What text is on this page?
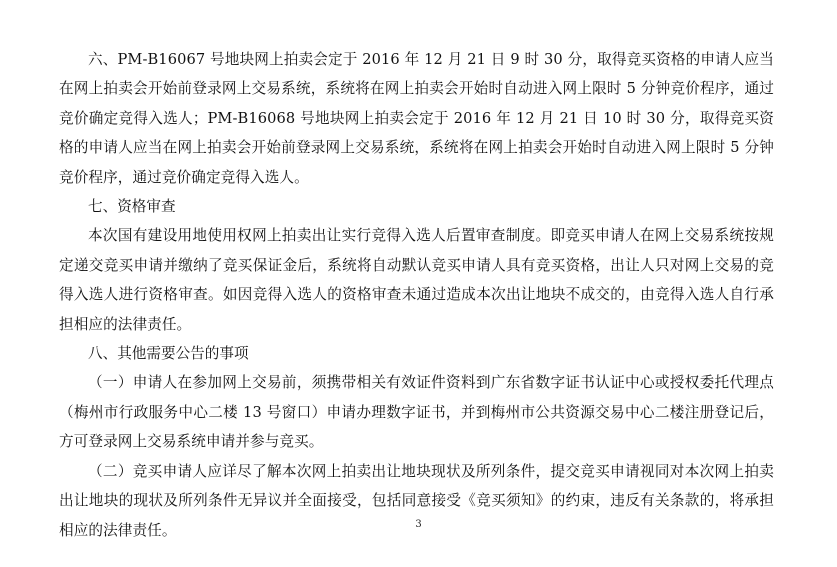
六、PM-B16067 号地块网上拍卖会定于 2016 年 12 月 21 日 9 时 30 分，取得竞买资格的申请人应当在网上拍卖会开始前登录网上交易系统，系统将在网上拍卖会开始时自动进入网上限时 5 分钟竞价程序，通过竞价确定竞得入选人；PM-B16068 号地块网上拍卖会定于 2016 年 12 月 21 日 10 时 30 分，取得竞买资格的申请人应当在网上拍卖会开始前登录网上交易系统，系统将在网上拍卖会开始时自动进入网上限时 5 分钟竞价程序，通过竞价确定竞得入选人。

七、资格审查

本次国有建设用地使用权网上拍卖出让实行竞得入选人后置审查制度。即竞买申请人在网上交易系统按规定递交竞买申请并缴纳了竞买保证金后，系统将自动默认竞买申请人具有竞买资格，出让人只对网上交易的竞得入选人进行资格审查。如因竞得入选人的资格审查未通过造成本次出让地块不成交的，由竞得入选人自行承担相应的法律责任。

八、其他需要公告的事项

（一）申请人在参加网上交易前，须携带相关有效证件资料到广东省数字证书认证中心或授权委托代理点（梅州市行政服务中心二楼 13 号窗口）申请办理数字证书，并到梅州市公共资源交易中心二楼注册登记后，方可登录网上交易系统申请并参与竞买。

（二）竞买申请人应详尽了解本次网上拍卖出让地块现状及所列条件，提交竞买申请视同对本次网上拍卖出让地块的现状及所列条件无异议并全面接受，包括同意接受《竞买须知》的约束，违反有关条款的，将承担相应的法律责任。	3
